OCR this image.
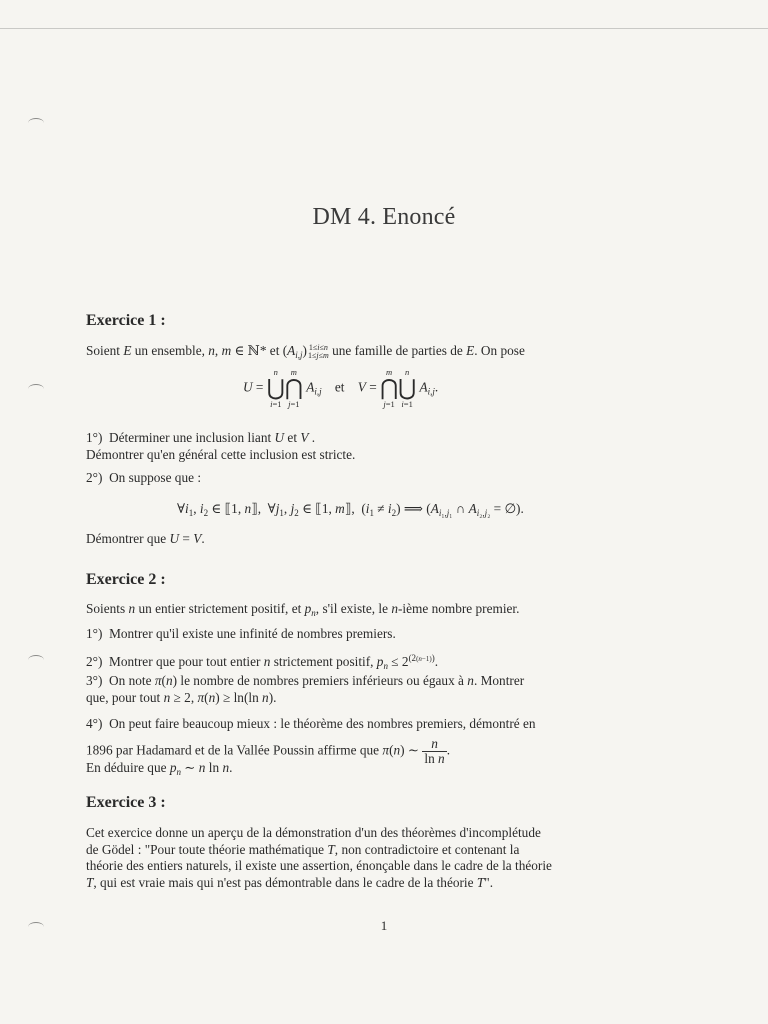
DM 4. Enoncé
Exercice 1 :
Soient E un ensemble, n, m ∈ ℕ* et $(A_{i,j})$ 1≤i≤n
1≤j≤m une famille de parties de E. On pose
U =
n
⋃
i=1
m
⋂
j=1
$A_{i,j}$    et    V =
m
⋂
j=1
n
⋃
i=1
$A_{i,j}$.
1°)  Déterminer une inclusion liant U et V .
Démontrer qu'en général cette inclusion est stricte.
2°) On suppose que :
$\forall i_1$, $i_2$ ∈ ⟦1, n⟧,  $\forall j_1$, $j_2$ ∈ ⟦1, m⟧,  $(i_1 \ne i_2)$ ⟹ ($A_{i_1,j_1}$ ∩ $A_{i_2,j_2}$ = ∅).
Démontrer que U = V.
Exercice 2 :
Soients n un entier strictement positif, et $p_n$, s'il existe, le n-ième nombre premier.
1°) Montrer qu'il existe une infinité de nombres premiers.
2°)  Montrer que pour tout entier n strictement positif, $p_n \le 2^{(2(n-1))}$.
3°)  On note π(n) le nombre de nombres premiers inférieurs ou égaux à n. Montrer
que, pour tout n ≥ 2, π(n) ≥ ln(ln n).
4°) On peut faire beaucoup mieux : le théorème des nombres premiers, démontré en
1896 par Hadamard et de la Vallée Poussin affirme que π(n) ∼ $\frac{n}{\text{ln n}}$ .
En déduire que $p_n$ ∼ n ln n.
Exercice 3 :
Cet exercice donne un aperçu de la démonstration d'un des théorèmes d'incomplétude
de Gödel : "Pour toute théorie mathématique T, non contradictoire et contenant la
théorie des entiers naturels, il existe une assertion, énonçable dans le cadre de la théorie
T, qui est vraie mais qui n'est pas démontrable dans le cadre de la théorie T".
1
